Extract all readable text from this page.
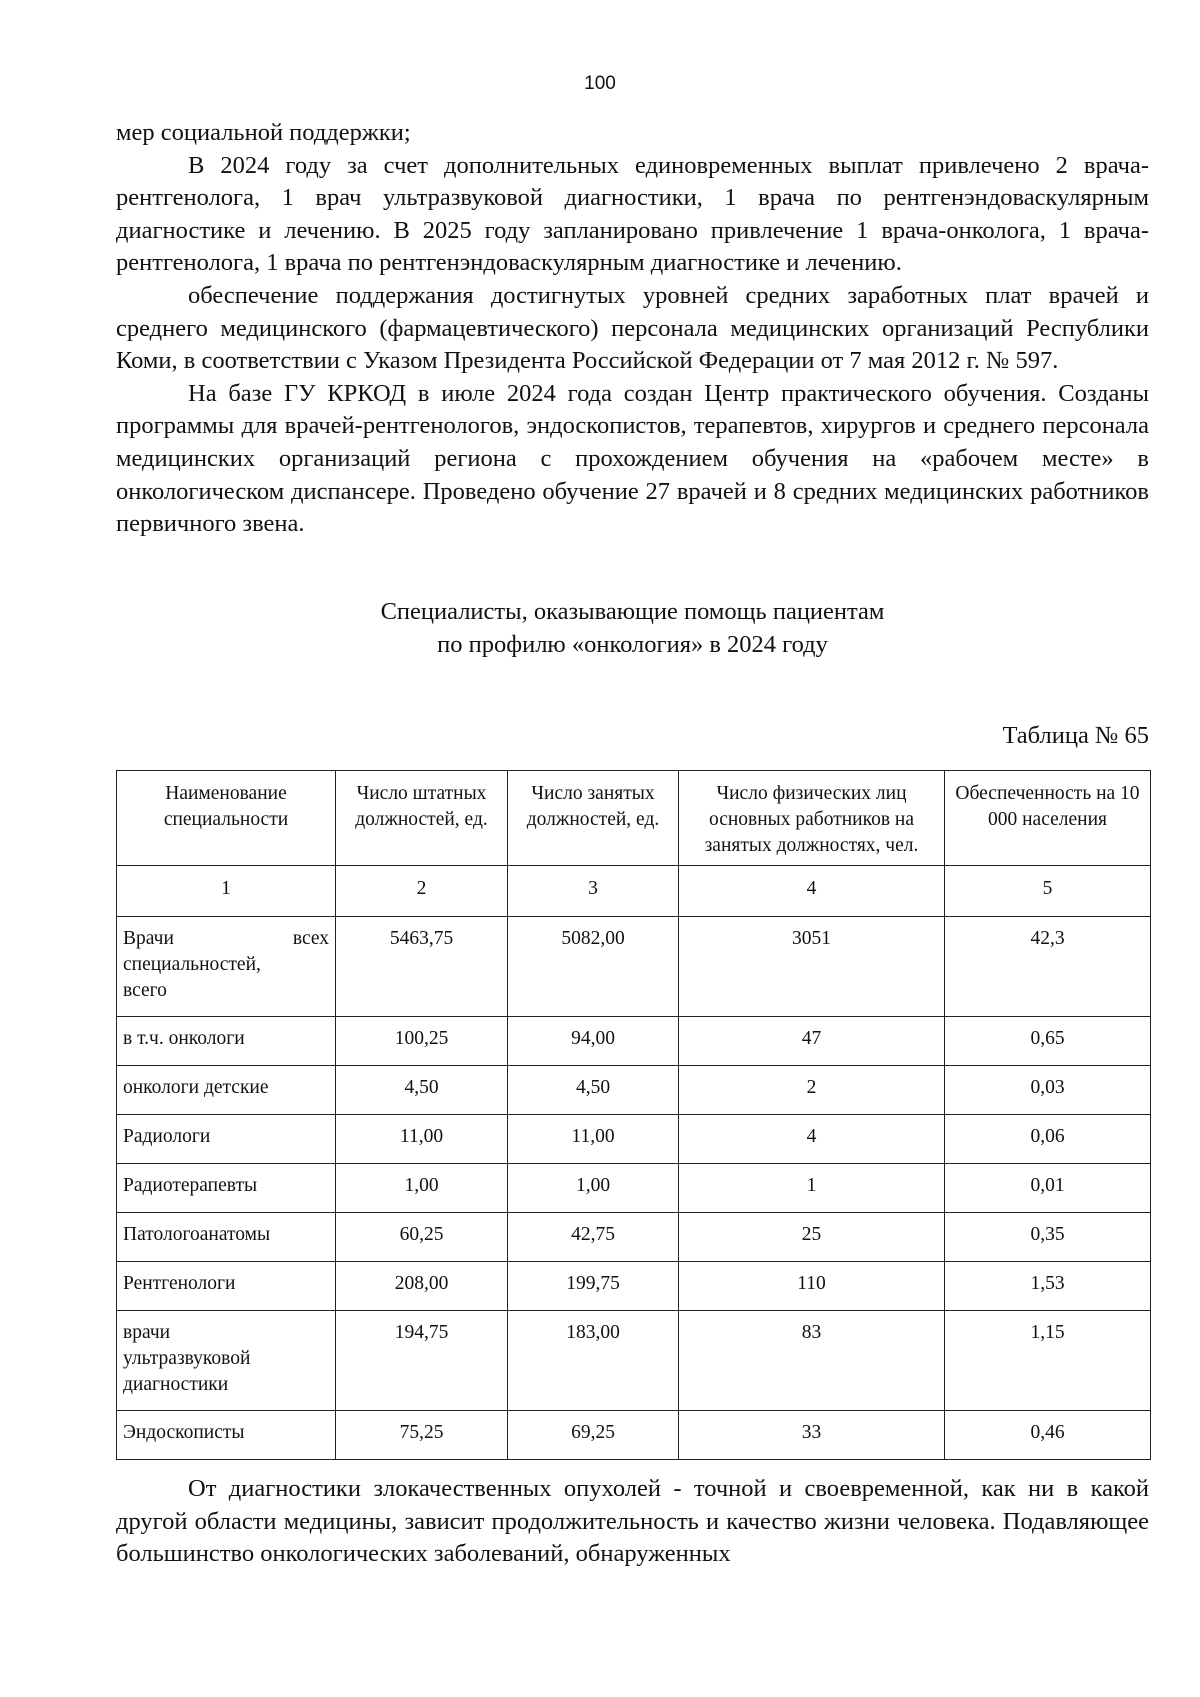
100

мер социальной поддержки;

В 2024 году за счет дополнительных единовременных выплат привлечено 2 врача-рентгенолога, 1 врач ультразвуковой диагностики, 1 врача по рентгенэндоваскулярным диагностике и лечению. В 2025 году запланировано привлечение 1 врача-онколога, 1 врача-рентгенолога, 1 врача по рентгенэндоваскулярным диагностике и лечению.

обеспечение поддержания достигнутых уровней средних заработных плат врачей и среднего медицинского (фармацевтического) персонала медицинских организаций Республики Коми, в соответствии с Указом Президента Российской Федерации от 7 мая 2012 г. № 597.

На базе ГУ КРКОД в июле 2024 года создан Центр практического обучения. Созданы программы для врачей-рентгенологов, эндоскопистов, терапевтов, хирургов и среднего персонала медицинских организаций региона с прохождением обучения на «рабочем месте» в онкологическом диспансере. Проведено обучение 27 врачей и 8 средних медицинских работников первичного звена.

Специалисты, оказывающие помощь пациентам
по профилю «онкология» в 2024 году
Таблица № 65
Наименование специальности	Число штатных должностей, ед.	Число занятых должностей, ед.	Число физических лиц основных работников на занятых должностях, чел.	Обеспеченность на 10 000 населения
1	2	3	4	5

Врачи всех
специальностей,
всего	5463,75	5082,00	3051	42,3
в т.ч. онкологи	100,25	94,00	47	0,65
онкологи детские	4,50	4,50	2	0,03
Радиологи	11,00	11,00	4	0,06
Радиотерапевты	1,00	1,00	1	0,01
Патологоанатомы	60,25	42,75	25	0,35
Рентгенологи	208,00	199,75	110	1,53

врачи
ультразвуковой
диагностики	194,75	183,00	83	1,15
Эндоскописты	75,25	69,25	33	0,46

От диагностики злокачественных опухолей - точной и своевременной, как ни в какой другой области медицины, зависит продолжительность и качество жизни человека. Подавляющее большинство онкологических заболеваний, обнаруженных
